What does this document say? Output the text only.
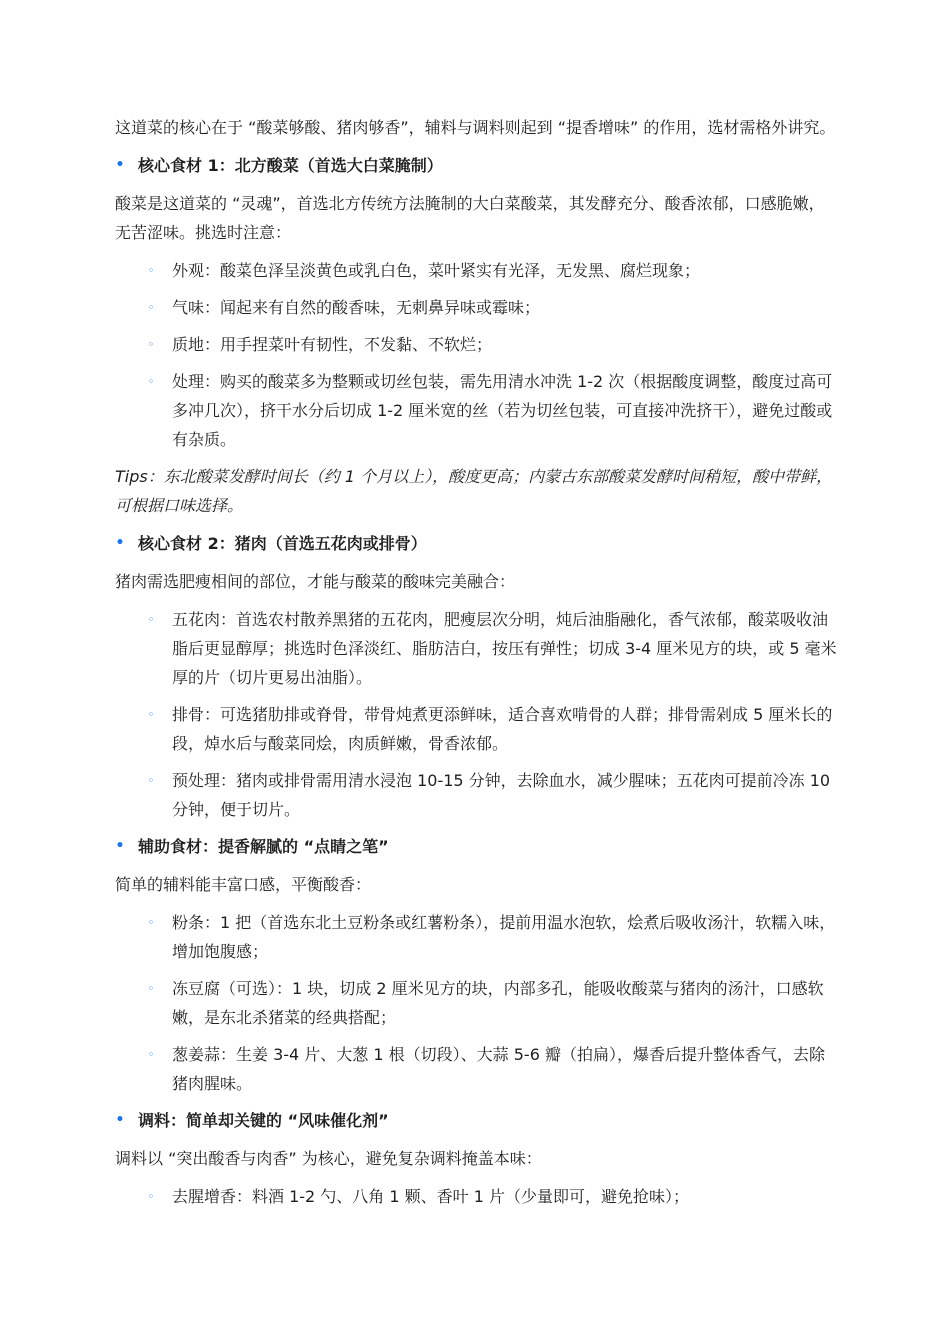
这道菜的核心在于 “酸菜够酸、猪肉够香”，辅料与调料则起到 “提香增味” 的作用，选材需格外讲究。

• 核心食材 1：北方酸菜（首选大白菜腌制）

酸菜是这道菜的 “灵魂”，首选北方传统方法腌制的大白菜酸菜，其发酵充分、酸香浓郁，口感脆嫩，无苦涩味。挑选时注意：

◦ 外观：酸菜色泽呈淡黄色或乳白色，菜叶紧实有光泽，无发黑、腐烂现象；
◦ 气味：闻起来有自然的酸香味，无刺鼻异味或霉味；
◦ 质地：用手捏菜叶有韧性，不发黏、不软烂；
◦ 处理：购买的酸菜多为整颗或切丝包装，需先用清水冲洗 1-2 次（根据酸度调整，酸度过高可多冲几次），挤干水分后切成 1-2 厘米宽的丝（若为切丝包装，可直接冲洗挤干），避免过酸或有杂质。

Tips：东北酸菜发酵时间长（约 1 个月以上），酸度更高；内蒙古东部酸菜发酵时间稍短，酸中带鲜，可根据口味选择。

• 核心食材 2：猪肉（首选五花肉或排骨）

猪肉需选肥瘦相间的部位，才能与酸菜的酸味完美融合：

◦ 五花肉：首选农村散养黑猪的五花肉，肥瘦层次分明，炖后油脂融化，香气浓郁，酸菜吸收油脂后更显醇厚；挑选时色泽淡红、脂肪洁白，按压有弹性；切成 3-4 厘米见方的块，或 5 毫米厚的片（切片更易出油脂）。
◦ 排骨：可选猪肋排或脊骨，带骨炖煮更添鲜味，适合喜欢啃骨的人群；排骨需剁成 5 厘米长的段，焯水后与酸菜同烩，肉质鲜嫩，骨香浓郁。
◦ 预处理：猪肉或排骨需用清水浸泡 10-15 分钟，去除血水，减少腥味；五花肉可提前冷冻 10 分钟，便于切片。
• 辅助食材：提香解腻的 “点睛之笔”

简单的辅料能丰富口感，平衡酸香：

◦ 粉条：1 把（首选东北土豆粉条或红薯粉条），提前用温水泡软，烩煮后吸收汤汁，软糯入味，增加饱腹感；
◦ 冻豆腐（可选）：1 块，切成 2 厘米见方的块，内部多孔，能吸收酸菜与猪肉的汤汁，口感软嫩，是东北杀猪菜的经典搭配；
◦ 葱姜蒜：生姜 3-4 片、大葱 1 根（切段）、大蒜 5-6 瓣（拍扁），爆香后提升整体香气，去除猪肉腥味。
• 调料：简单却关键的 “风味催化剂”

调料以 “突出酸香与肉香” 为核心，避免复杂调料掩盖本味：

◦ 去腥增香：料酒 1-2 勺、八角 1 颗、香叶 1 片（少量即可，避免抢味）；
